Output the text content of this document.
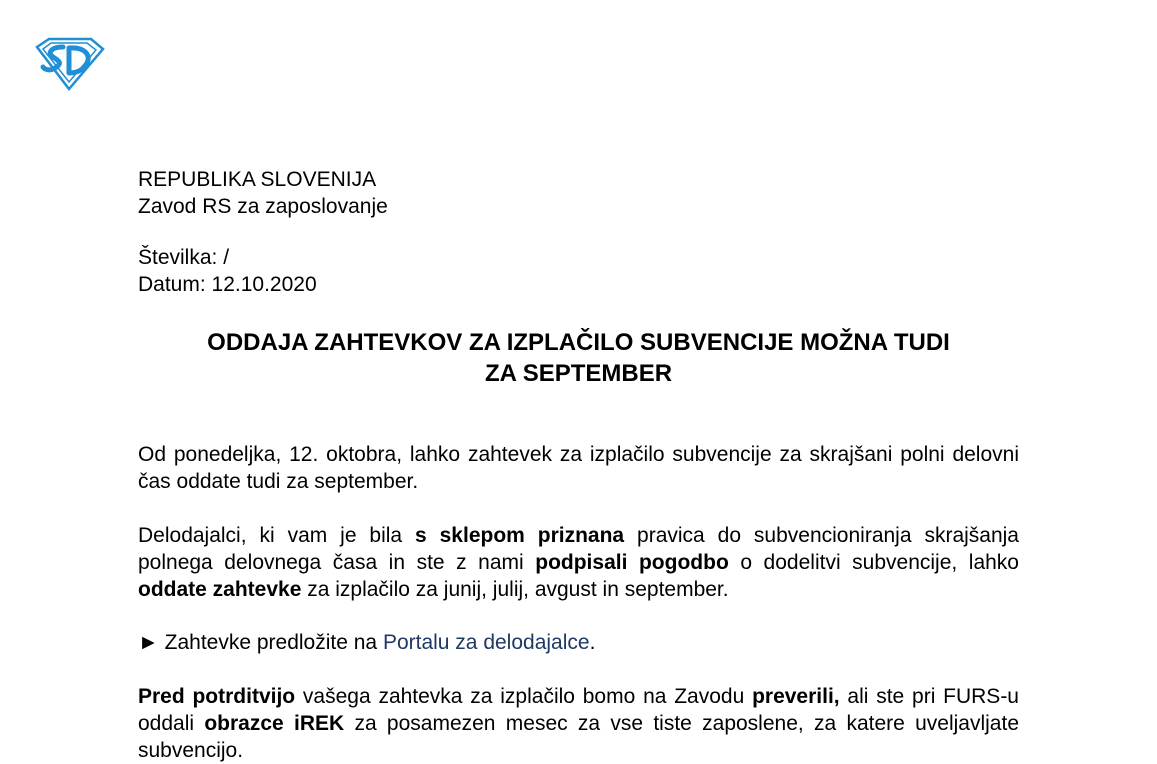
REPUBLIKA SLOVENIJA
Zavod RS za zaposlovanje
Številka: /
Datum: 12.10.2020
ODDAJA ZAHTEVKOV ZA IZPLAČILO SUBVENCIJE MOŽNA TUDI
ZA SEPTEMBER
Od ponedeljka, 12. oktobra, lahko zahtevek za izplačilo subvencije za skrajšani polni delovni čas oddate tudi za september.
Delodajalci, ki vam je bila s sklepom priznana pravica do subvencioniranja skrajšanja polnega delovnega časa in ste z nami podpisali pogodbo o dodelitvi subvencije, lahko oddate zahtevke za izplačilo za junij, julij, avgust in september.
► Zahtevke predložite na Portalu za delodajalce.
Pred potrditvijo vašega zahtevka za izplačilo bomo na Zavodu preverili, ali ste pri FURS-u oddali obrazce iREK za posamezen mesec za vse tiste zaposlene, za katere uveljavljate subvencijo.
